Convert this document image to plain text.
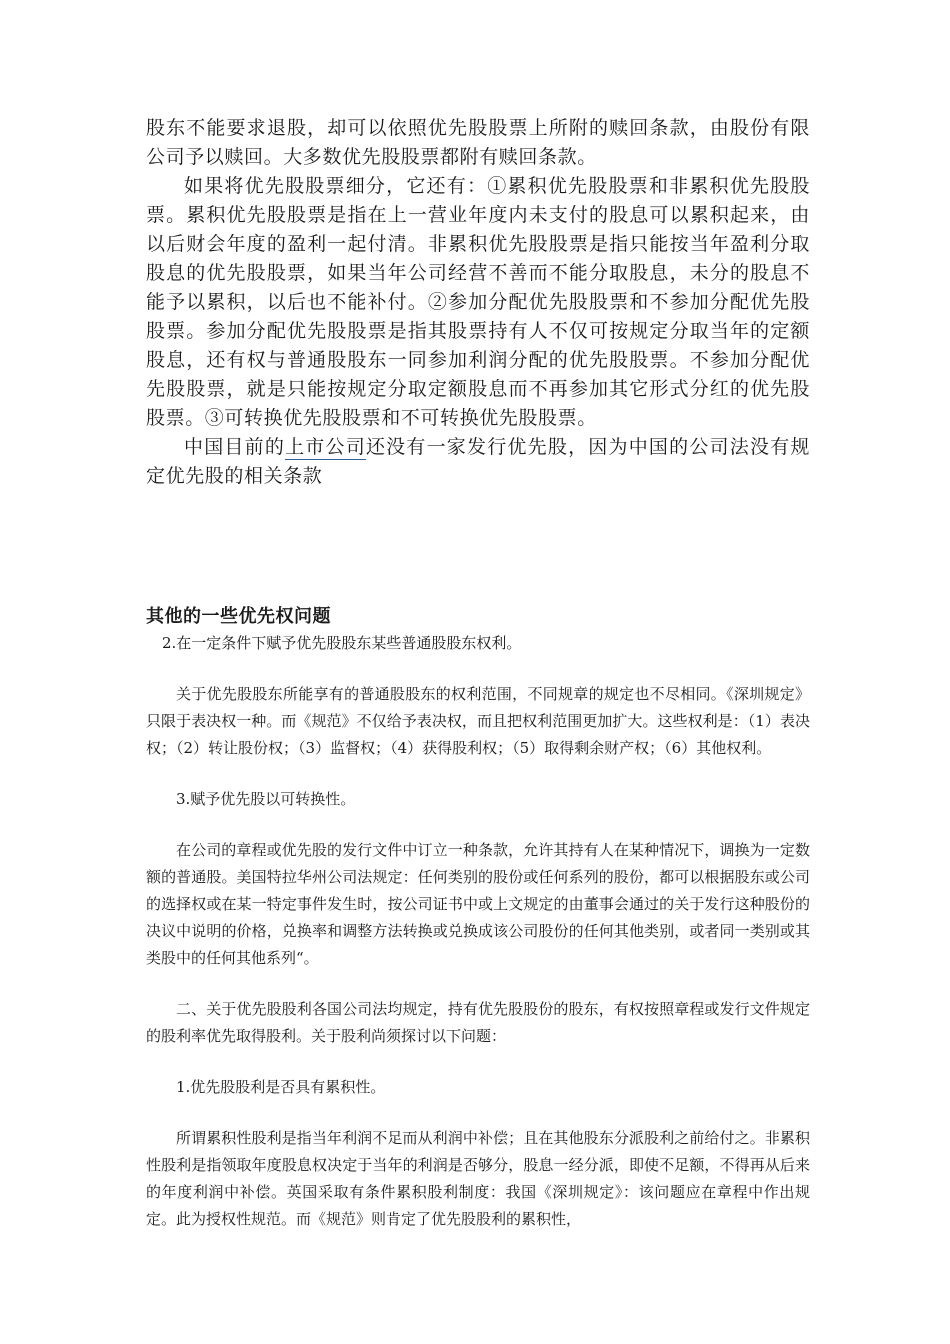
股东不能要求退股，却可以依照优先股股票上所附的赎回条款，由股份有限公司予以赎回。大多数优先股股票都附有赎回条款。

如果将优先股股票细分，它还有：①累积优先股股票和非累积优先股股票。累积优先股股票是指在上一营业年度内未支付的股息可以累积起来，由以后财会年度的盈利一起付清。非累积优先股股票是指只能按当年盈利分取股息的优先股股票，如果当年公司经营不善而不能分取股息，未分的股息不能予以累积，以后也不能补付。②参加分配优先股股票和不参加分配优先股股票。参加分配优先股股票是指其股票持有人不仅可按规定分取当年的定额股息，还有权与普通股股东一同参加利润分配的优先股股票。不参加分配优先股股票，就是只能按规定分取定额股息而不再参加其它形式分红的优先股股票。③可转换优先股股票和不可转换优先股股票。

中国目前的上市公司还没有一家发行优先股，因为中国的公司法没有规定优先股的相关条款

其他的一些优先权问题

2.在一定条件下赋予优先股股东某些普通股股东权利。

关于优先股股东所能享有的普通股股东的权利范围，不同规章的规定也不尽相同。《深圳规定》只限于表决权一种。而《规范》不仅给予表决权，而且把权利范围更加扩大。这些权利是：（1）表决权；（2）转让股份权；（3）监督权；（4）获得股利权；（5）取得剩余财产权；（6）其他权利。

3.赋予优先股以可转换性。

在公司的章程或优先股的发行文件中订立一种条款，允许其持有人在某种情况下，调换为一定数额的普通股。美国特拉华州公司法规定：任何类别的股份或任何系列的股份，都可以根据股东或公司的选择权或在某一特定事件发生时，按公司证书中或上文规定的由董事会通过的关于发行这种股份的决议中说明的价格，兑换率和调整方法转换或兑换成该公司股份的任何其他类别，或者同一类别或其类股中的任何其他系列“。

二、关于优先股股利各国公司法均规定，持有优先股股份的股东，有权按照章程或发行文件规定的股利率优先取得股利。关于股利尚须探讨以下问题：

1.优先股股利是否具有累积性。

所谓累积性股利是指当年利润不足而从利润中补偿；且在其他股东分派股利之前给付之。非累积性股利是指领取年度股息权决定于当年的利润是否够分，股息一经分派，即使不足额，不得再从后来的年度利润中补偿。英国采取有条件累积股利制度：我国《深圳规定》：该问题应在章程中作出规定。此为授权性规范。而《规范》则肯定了优先股股利的累积性，
